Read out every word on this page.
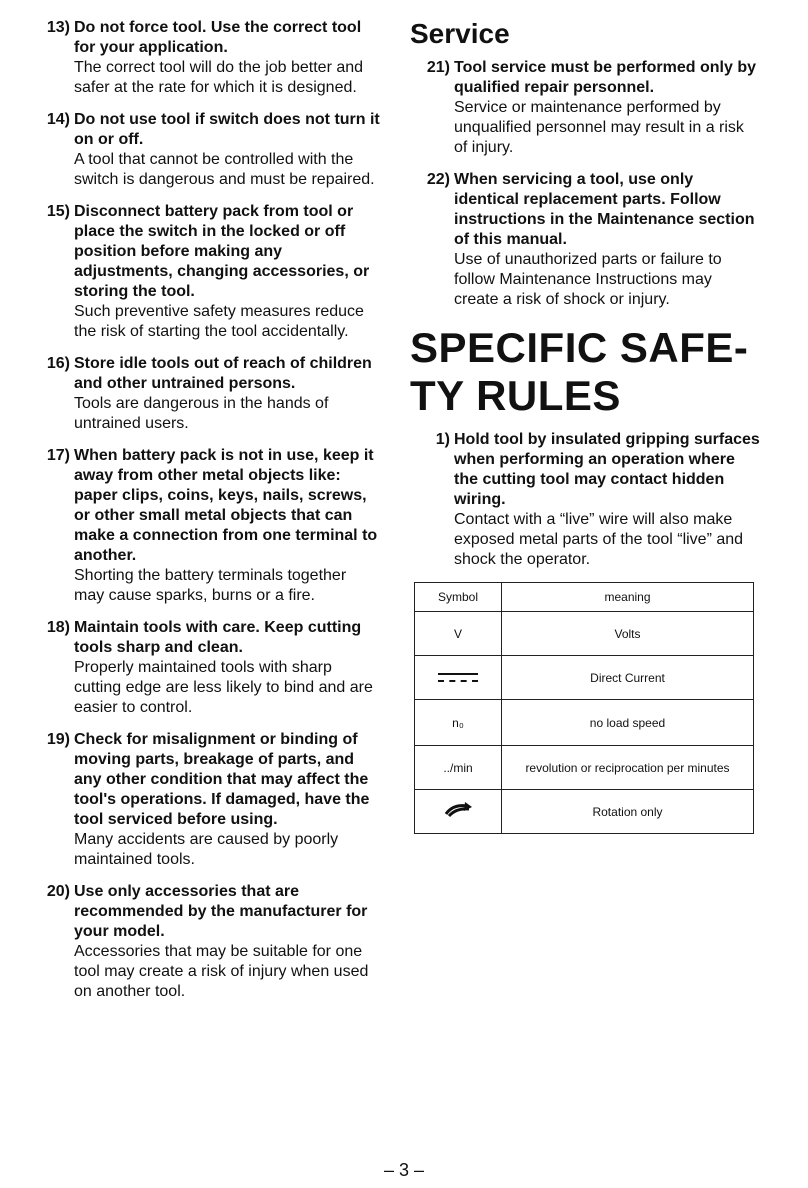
13) Do not force tool. Use the correct tool for your application.
The correct tool will do the job better and safer at the rate for which it is designed.
14) Do not use tool if switch does not turn it on or off.
A tool that cannot be controlled with the switch is dangerous and must be repaired.
15) Disconnect battery pack from tool or place the switch in the locked or off position before making any adjustments, changing accessories, or storing the tool.
Such preventive safety measures reduce the risk of starting the tool accidentally.
16) Store idle tools out of reach of children and other untrained persons.
Tools are dangerous in the hands of untrained users.
17) When battery pack is not in use, keep it away from other metal objects like: paper clips, coins, keys, nails, screws, or other small metal objects that can make a connection from one terminal to another.
Shorting the battery terminals together may cause sparks, burns or a fire.
18) Maintain tools with care. Keep cutting tools sharp and clean.
Properly maintained tools with sharp cutting edge are less likely to bind and are easier to control.
19) Check for misalignment or binding of moving parts, breakage of parts, and any other condition that may affect the tool's operations. If damaged, have the tool serviced before using.
Many accidents are caused by poorly maintained tools.
20) Use only accessories that are recommended by the manufacturer for your model.
Accessories that may be suitable for one tool may create a risk of injury when used on another tool.
Service
21) Tool service must be performed only by qualified repair personnel.
Service or maintenance performed by unqualified personnel may result in a risk of injury.
22) When servicing a tool, use only identical replacement parts. Follow instructions in the Maintenance section of this manual.
Use of unauthorized parts or failure to follow Maintenance Instructions may create a risk of shock or injury.
SPECIFIC SAFE-
TY RULES
1) Hold tool by insulated gripping surfaces when performing an operation where the cutting tool may contact hidden wiring.
Contact with a “live” wire will also make exposed metal parts of the tool “live” and shock the operator.
Symbol	meaning
V	Volts

	Direct Current
n₀	no load speed
../min	revolution or reciprocation per minutes
	Rotation only
– 3 –
